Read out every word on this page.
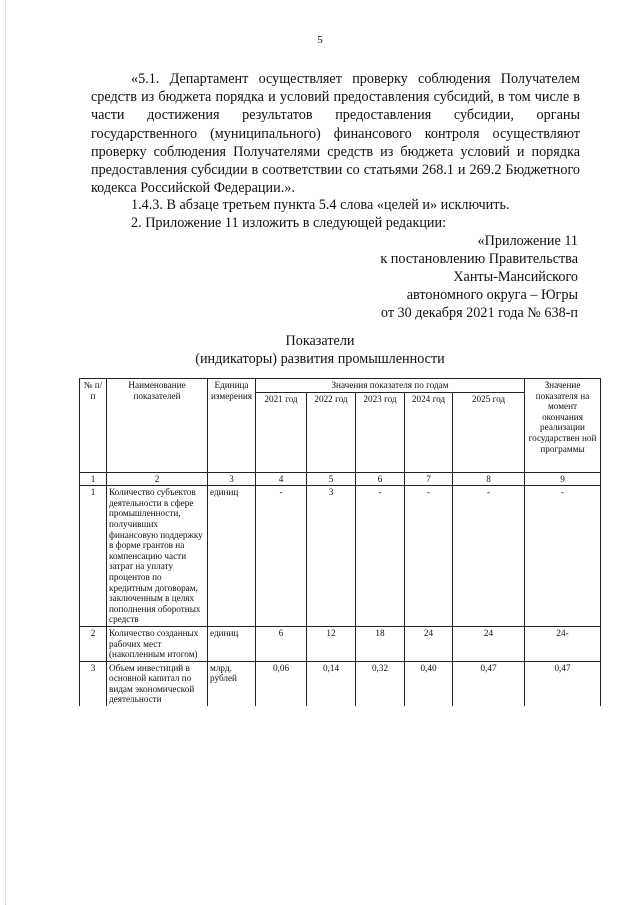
5

«5.1. Департамент осуществляет проверку соблюдения Получателем средств из бюджета порядка и условий предоставления субсидий, в том числе в части достижения результатов предоставления субсидии, органы государственного (муниципального) финансового контроля осуществляют проверку соблюдения Получателями средств из бюджета условий и порядка предоставления субсидии в соответствии со статьями 268.1 и 269.2 Бюджетного кодекса Российской Федерации.».

1.4.3. В абзаце третьем пункта 5.4 слова «целей и» исключить.
2. Приложение 11 изложить в следующей редакции:
«Приложение 11
к постановлению Правительства
Ханты-Мансийского
автономного округа – Югры
от 30 декабря 2021 года № 638-п
Показатели
(индикаторы) развития промышленности
№ п/п	Наименование показателей	Единица измерения	Значения показателя по годам					Значение показателя на момент окончания реализации государствен ной программы
			2021 год	2022 год	2023 год	2024 год	2025 год	
1	2	3	4	5	6	7	8	9
1	Количество субъектов деятельности в сфере промышленности, получивших финансовую поддержку в форме грантов на компенсацию части затрат на уплату процентов по кредитным договорам, заключенным в целях пополнения оборотных средств	единиц	-	3	-	-	-	-
2	Количество созданных рабочих мест (накопленным итогом)	единиц	6	12	18	24	24	24-
3	Объем инвестиций в основной капитал по видам экономической деятельности	млрд. рублей	0,06	0,14	0,32	0,40	0,47	0,47
